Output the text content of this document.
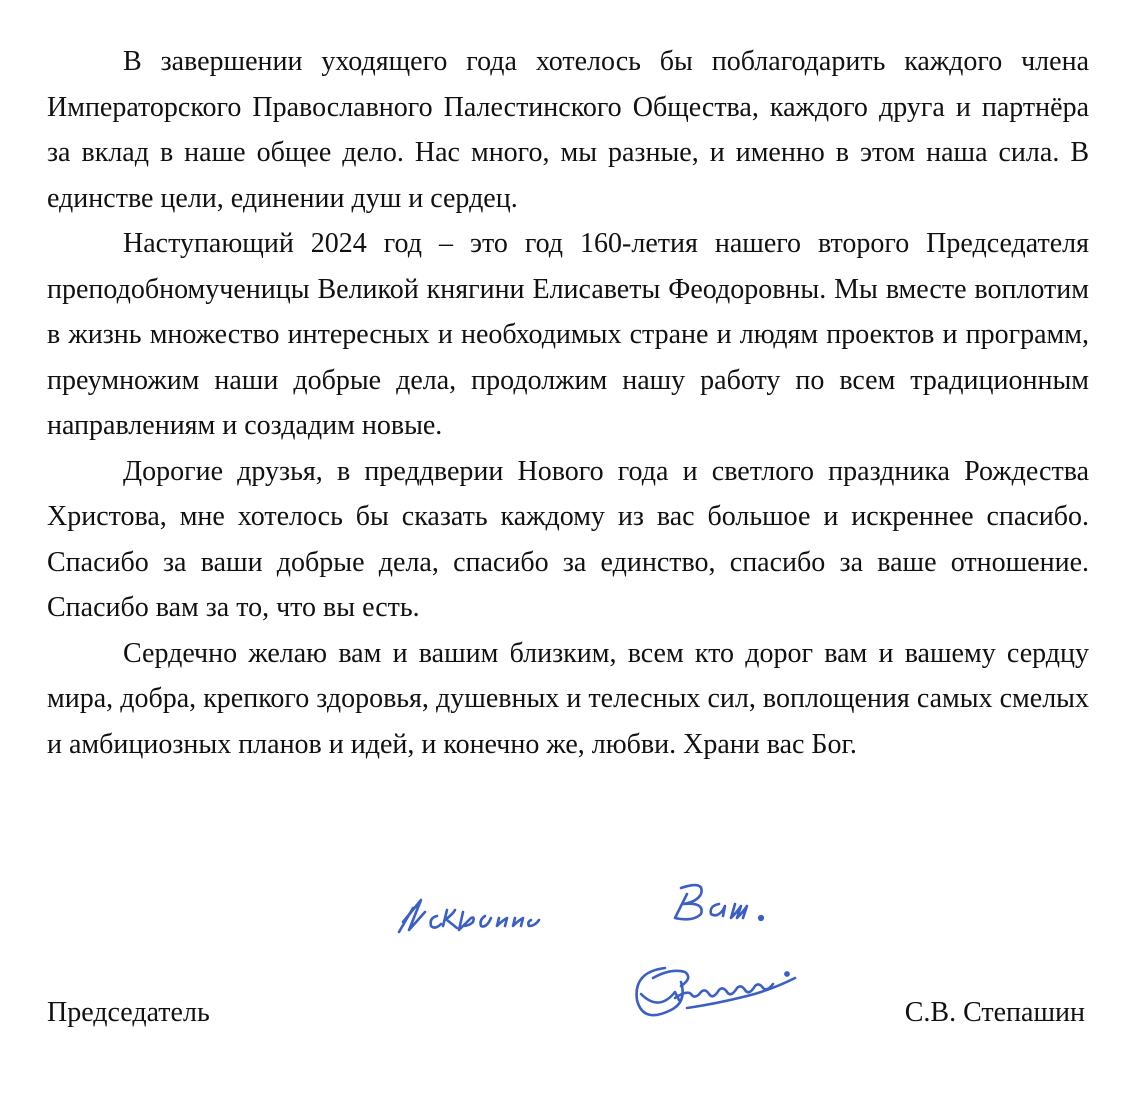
В завершении уходящего года хотелось бы поблагодарить каждого члена Императорского Православного Палестинского Общества, каждого друга и партнёра за вклад в наше общее дело. Нас много, мы разные, и именно в этом наша сила. В единстве цели, единении душ и сердец.

Наступающий 2024 год – это год 160-летия нашего второго Председателя преподобномученицы Великой княгини Елисаветы Феодоровны. Мы вместе воплотим в жизнь множество интересных и необходимых стране и людям проектов и программ, преумножим наши добрые дела, продолжим нашу работу по всем традиционным направлениям и создадим новые.

Дорогие друзья, в преддверии Нового года и светлого праздника Рождества Христова, мне хотелось бы сказать каждому из вас большое и искреннее спасибо. Спасибо за ваши добрые дела, спасибо за единство, спасибо за ваше отношение. Спасибо вам за то, что вы есть.

Сердечно желаю вам и вашим близким, всем кто дорог вам и вашему сердцу мира, добра, крепкого здоровья, душевных и телесных сил, воплощения самых смелых и амбициозных планов и идей, и конечно же, любви. Храни вас Бог.

Председатель	С.В. Степашин
